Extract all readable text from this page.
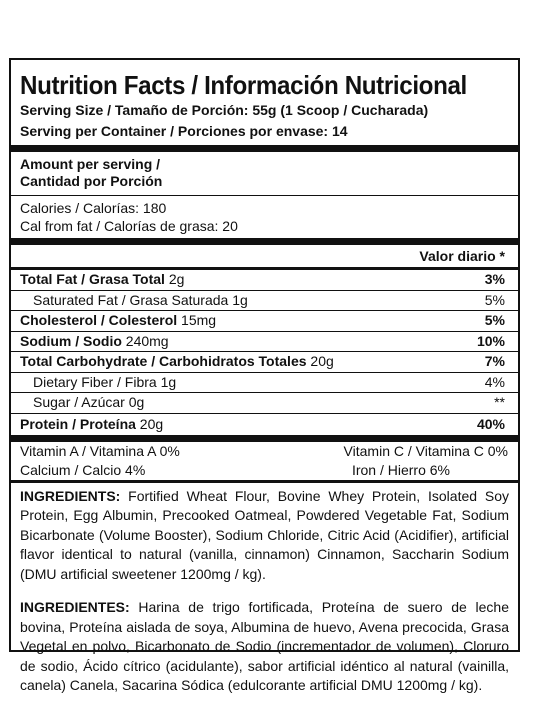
Nutrition Facts / Información Nutricional
Serving Size / Tamaño de Porción: 55g (1 Scoop / Cucharada)
Serving per Container / Porciones por envase: 14
Amount per serving /
Cantidad por Porción
Calories / Calorías: 180
Cal from fat / Calorías de grasa: 20
Valor diario *
Total Fat / Grasa Total 2g	3%
Saturated Fat / Grasa Saturada 1g	5%
Cholesterol / Colesterol 15mg	5%
Sodium / Sodio 240mg	10%
Total Carbohydrate / Carbohidratos Totales 20g	7%
Dietary Fiber / Fibra 1g	4%
Sugar / Azúcar 0g	**
Protein / Proteína 20g	40%
Vitamin A / Vitamina A 0%	Vitamin C / Vitamina C 0%
Calcium / Calcio 4%	Iron / Hierro 6%
INGREDIENTS: Fortified Wheat Flour, Bovine Whey Protein, Isolated Soy Protein, Egg Albumin, Precooked Oatmeal, Powdered Vegetable Fat, Sodium Bicarbonate (Volume Booster), Sodium Chloride, Citric Acid (Acidifier), artificial flavor identical to natural (vanilla, cinnamon) Cinnamon, Saccharin Sodium (DMU artificial sweetener 1200mg / kg).
INGREDIENTES: Harina de trigo fortificada, Proteína de suero de leche bovina, Proteína aislada de soya, Albumina de huevo, Avena precocida, Grasa Vegetal en polvo, Bicarbonato de Sodio (incrementador de volumen), Cloruro de sodio, Ácido cítrico (acidulante), sabor artificial idéntico al natural (vainilla, canela) Canela, Sacarina Sódica (edulcorante artificial DMU 1200mg / kg).
